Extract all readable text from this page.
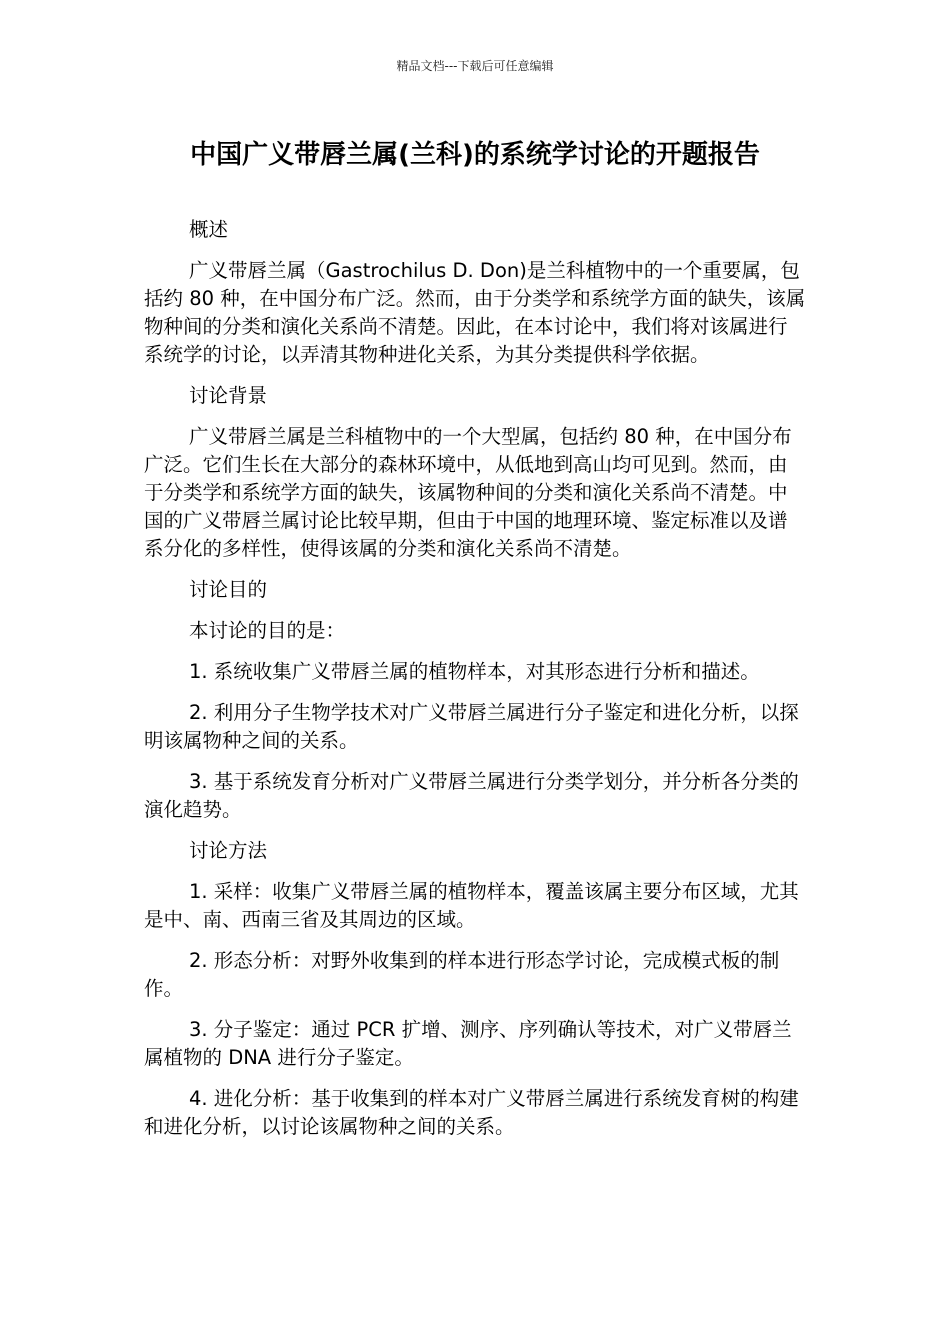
精品文档---下载后可任意编辑
中国广义带唇兰属(兰科)的系统学讨论的开题报告

概述

广义带唇兰属（Gastrochilus D. Don)是兰科植物中的一个重要属，包括约 80 种，在中国分布广泛。然而，由于分类学和系统学方面的缺失，该属物种间的分类和演化关系尚不清楚。因此，在本讨论中，我们将对该属进行系统学的讨论，以弄清其物种进化关系，为其分类提供科学依据。

讨论背景

广义带唇兰属是兰科植物中的一个大型属，包括约 80 种，在中国分布广泛。它们生长在大部分的森林环境中，从低地到高山均可见到。然而，由于分类学和系统学方面的缺失，该属物种间的分类和演化关系尚不清楚。中国的广义带唇兰属讨论比较早期，但由于中国的地理环境、鉴定标准以及谱系分化的多样性，使得该属的分类和演化关系尚不清楚。

讨论目的

本讨论的目的是：

1. 系统收集广义带唇兰属的植物样本，对其形态进行分析和描述。

2. 利用分子生物学技术对广义带唇兰属进行分子鉴定和进化分析，以探明该属物种之间的关系。

3. 基于系统发育分析对广义带唇兰属进行分类学划分，并分析各分类的演化趋势。

讨论方法

1. 采样：收集广义带唇兰属的植物样本，覆盖该属主要分布区域，尤其是中、南、西南三省及其周边的区域。

2. 形态分析：对野外收集到的样本进行形态学讨论，完成模式板的制作。

3. 分子鉴定：通过 PCR 扩增、测序、序列确认等技术，对广义带唇兰属植物的 DNA 进行分子鉴定。

4. 进化分析：基于收集到的样本对广义带唇兰属进行系统发育树的构建和进化分析，以讨论该属物种之间的关系。
